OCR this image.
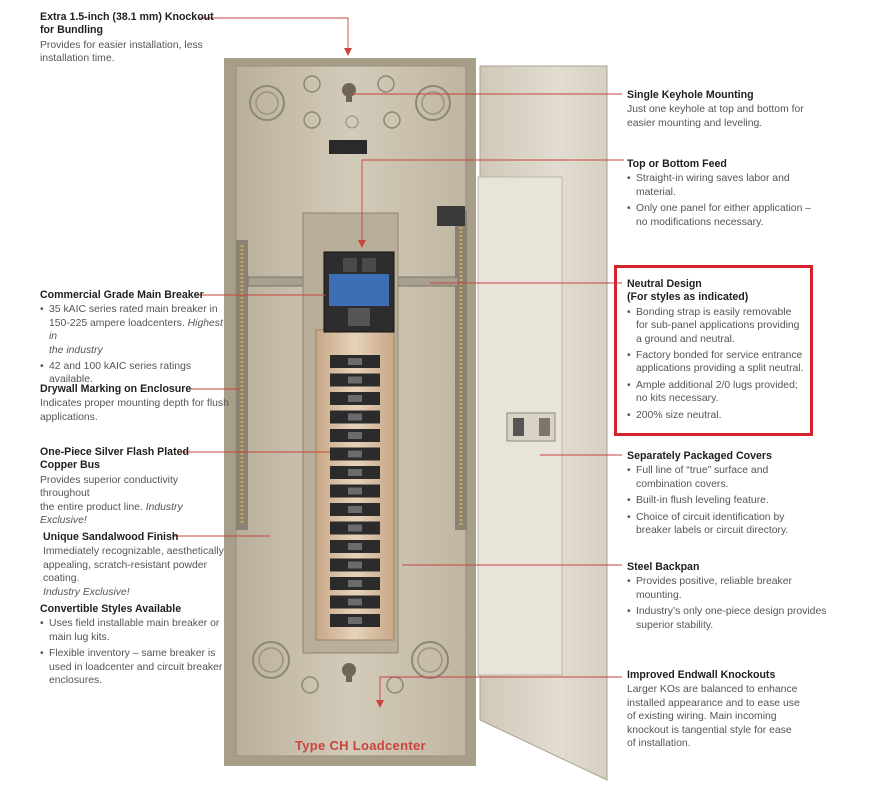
Extra 1.5-inch (38.1 mm) Knockout
for Bundling

Provides for easier installation, less
installation time.

Commercial Grade Main Breaker
• 35 kAIC series rated main breaker in
150-225 ampere loadcenters. Highest in
the industry
• 42 and 100 kAIC series ratings available.
Drywall Marking on Enclosure

Indicates proper mounting depth for flush
applications.

One-Piece Silver Flash Plated
Copper Bus

Provides superior conductivity throughout
the entire product line. Industry Exclusive!

Unique Sandalwood Finish

Immediately recognizable, aesthetically
appealing, scratch-resistant powder coating.
Industry Exclusive!

Convertible Styles Available
• Uses field installable main breaker or
main lug kits.
• Flexible inventory – same breaker is
used in loadcenter and circuit breaker
enclosures.
Single Keyhole Mounting

Just one keyhole at top and bottom for
easier mounting and leveling.

Top or Bottom Feed
• Straight-in wiring saves labor and
material.
• Only one panel for either application –
no modifications necessary.
Neutral Design
(For styles as indicated)
• Bonding strap is easily removable
for sub-panel applications providing
a ground and neutral.
• Factory bonded for service entrance
applications providing a split neutral.
• Ample additional 2/0 lugs provided;
no kits necessary.
• 200% size neutral.
Separately Packaged Covers
• Full line of “true” surface and
combination covers.
• Built-in flush leveling feature.
• Choice of circuit identification by
breaker labels or circuit directory.
Steel Backpan
• Provides positive, reliable breaker
mounting.
• Industry’s only one-piece design provides
superior stability.
Improved Endwall Knockouts

Larger KOs are balanced to enhance
installed appearance and to ease use
of existing wiring. Main incoming
knockout is tangential style for ease
of installation.

Type CH Loadcenter
